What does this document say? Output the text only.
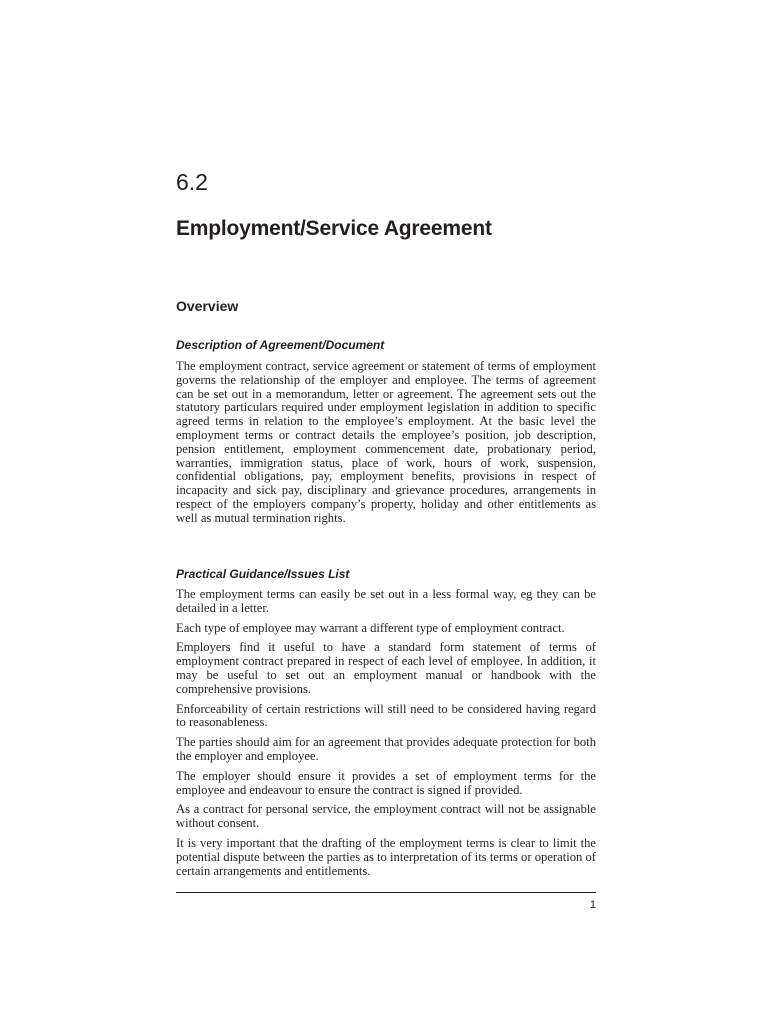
6.2
Employment/Service Agreement
Overview
Description of Agreement/Document

The employment contract, service agreement or statement of terms of employment governs the relationship of the employer and employee. The terms of agreement can be set out in a memorandum, letter or agreement. The agreement sets out the statutory particulars required under employment legislation in addition to specific agreed terms in relation to the employee’s employment. At the basic level the employment terms or contract details the employee’s position, job description, pension entitlement, employment commencement date, probationary period, warranties, immigration status, place of work, hours of work, suspension, confidential obligations, pay, employment benefits, provisions in respect of incapacity and sick pay, disciplinary and grievance procedures, arrangements in respect of the employers company’s property, holiday and other entitlements as well as mutual termination rights.

Practical Guidance/Issues List

The employment terms can easily be set out in a less formal way, eg they can be detailed in a letter.

Each type of employee may warrant a different type of employment contract.

Employers find it useful to have a standard form statement of terms of employment contract prepared in respect of each level of employee. In addition, it may be useful to set out an employment manual or handbook with the comprehensive provisions.

Enforceability of certain restrictions will still need to be considered having regard to reasonableness.

The parties should aim for an agreement that provides adequate protection for both the employer and employee.

The employer should ensure it provides a set of employment terms for the employee and endeavour to ensure the contract is signed if provided.

As a contract for personal service, the employment contract will not be assignable without consent.

It is very important that the drafting of the employment terms is clear to limit the potential dispute between the parties as to interpretation of its terms or operation of certain arrangements and entitlements.

1
